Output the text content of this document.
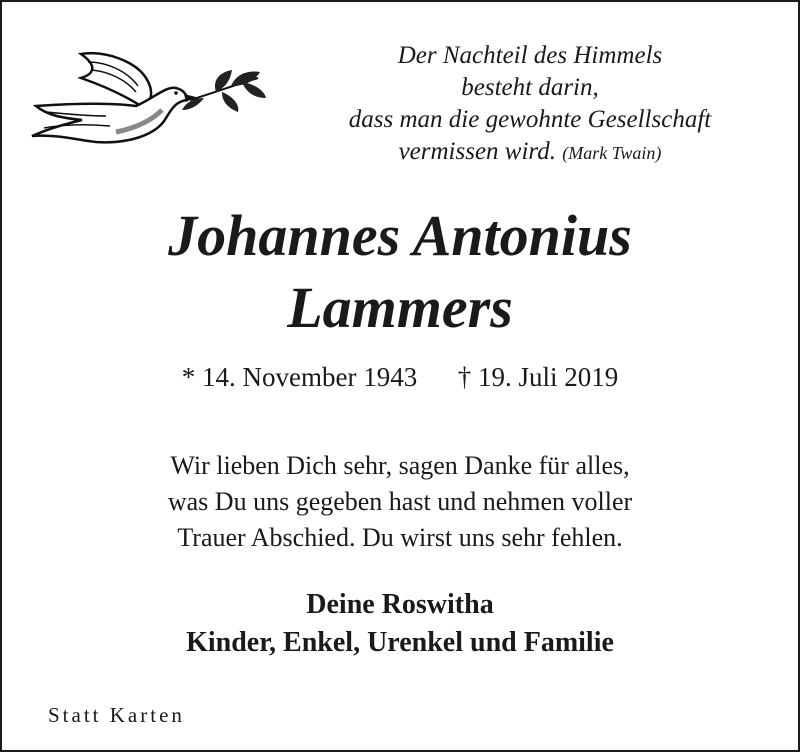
Der Nachteil des Himmels
besteht darin,
dass man die gewohnte Gesellschaft
vermissen wird. (Mark Twain)
Johannes Antonius
Lammers
* 14. November 1943 † 19. Juli 2019
Wir lieben Dich sehr, sagen Danke für alles,
was Du uns gegeben hast und nehmen voller
Trauer Abschied. Du wirst uns sehr fehlen.
Deine Roswitha
Kinder, Enkel, Urenkel und Familie
Statt Karten
